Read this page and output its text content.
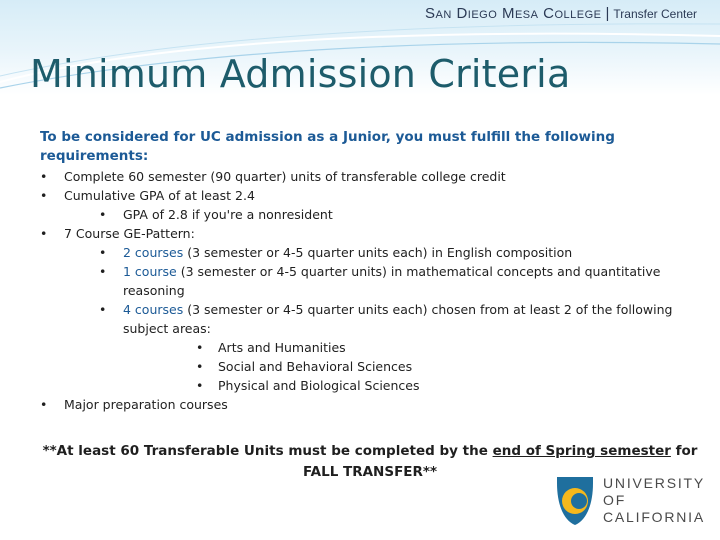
San Diego Mesa College | Transfer Center
Minimum Admission Criteria

To be considered for UC admission as a Junior, you must fulfill the following requirements:

• Complete 60 semester (90 quarter) units of transferable college credit
• Cumulative GPA of at least 2.4
• GPA of 2.8 if you're a nonresident
• 7 Course GE-Pattern:
• 2 courses (3 semester or 4-5 quarter units each) in English composition
• 1 course (3 semester or 4-5 quarter units) in mathematical concepts and quantitative reasoning
• 4 courses (3 semester or 4-5 quarter units each) chosen from at least 2 of the following subject areas:
• Arts and Humanities
• Social and Behavioral Sciences
• Physical and Biological Sciences
• Major preparation courses
**At least 60 Transferable Units must be completed by the end of Spring semester for FALL TRANSFER**
UNIVERSITY
OF
CALIFORNIA
